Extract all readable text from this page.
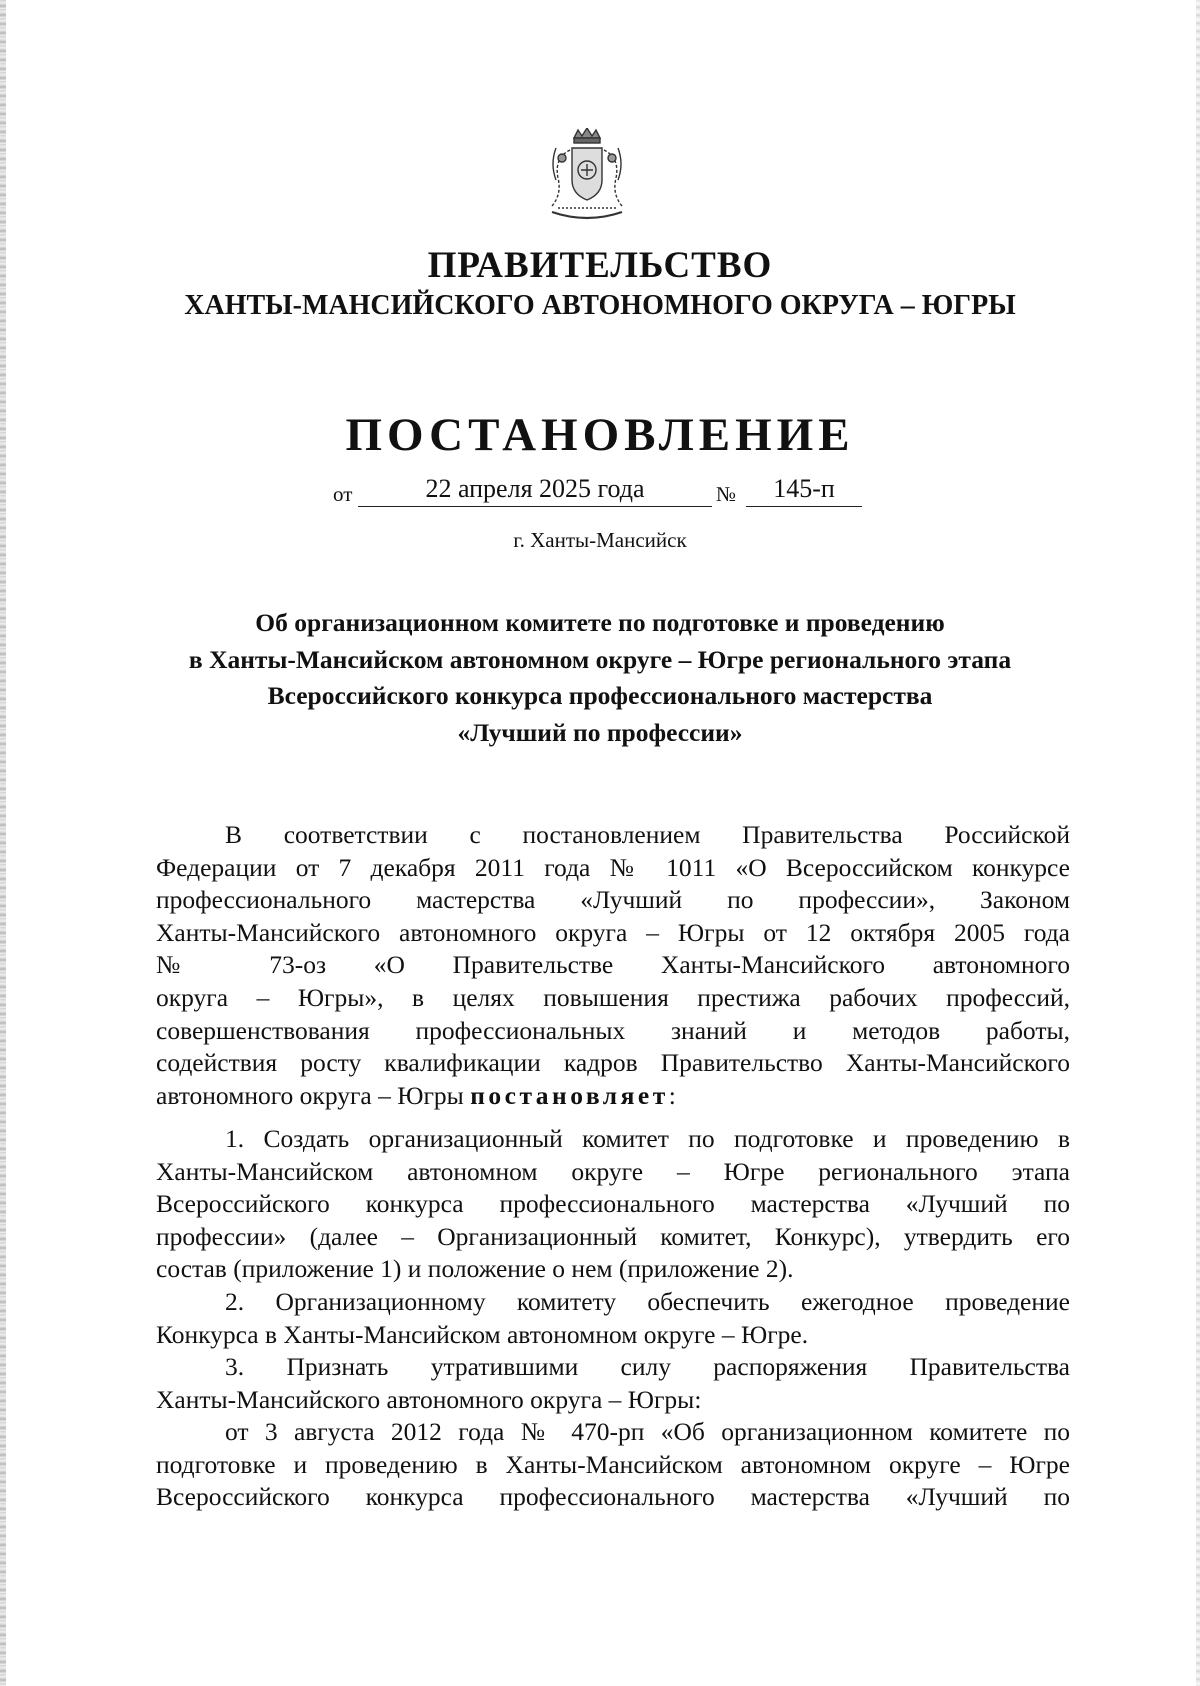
ПРАВИТЕЛЬСТВО
ХАНТЫ-МАНСИЙСКОГО АВТОНОМНОГО ОКРУГА – ЮГРЫ
ПОСТАНОВЛЕНИЕ
от	22 апреля 2025 года	№	145-п
г. Ханты-Мансийск
Об организационном комитете по подготовке и проведению
в Ханты-Мансийском автономном округе – Югре регионального этапа
Всероссийского конкурса профессионального мастерства
«Лучший по профессии»
В соответствии с постановлением Правительства Российской
Федерации от 7 декабря 2011 года № 1011 «О Всероссийском конкурсе
профессионального мастерства «Лучший по профессии», Законом
Ханты-Мансийского автономного округа – Югры от 12 октября 2005 года
№ 73-оз «О Правительстве Ханты-Мансийского автономного
округа – Югры», в целях повышения престижа рабочих профессий,
совершенствования профессиональных знаний и методов работы,
содействия росту квалификации кадров Правительство Ханты-Мансийского
автономного округа – Югры постановляет:
1. Создать организационный комитет по подготовке и проведению в
Ханты-Мансийском автономном округе – Югре регионального этапа
Всероссийского конкурса профессионального мастерства «Лучший по
профессии» (далее – Организационный комитет, Конкурс), утвердить его
состав (приложение 1) и положение о нем (приложение 2).
2. Организационному комитету обеспечить ежегодное проведение
Конкурса в Ханты-Мансийском автономном округе – Югре.
3. Признать утратившими силу распоряжения Правительства
Ханты-Мансийского автономного округа – Югры:
от 3 августа 2012 года № 470-рп «Об организационном комитете по
подготовке и проведению в Ханты-Мансийском автономном округе – Югре
Всероссийского конкурса профессионального мастерства «Лучший по
